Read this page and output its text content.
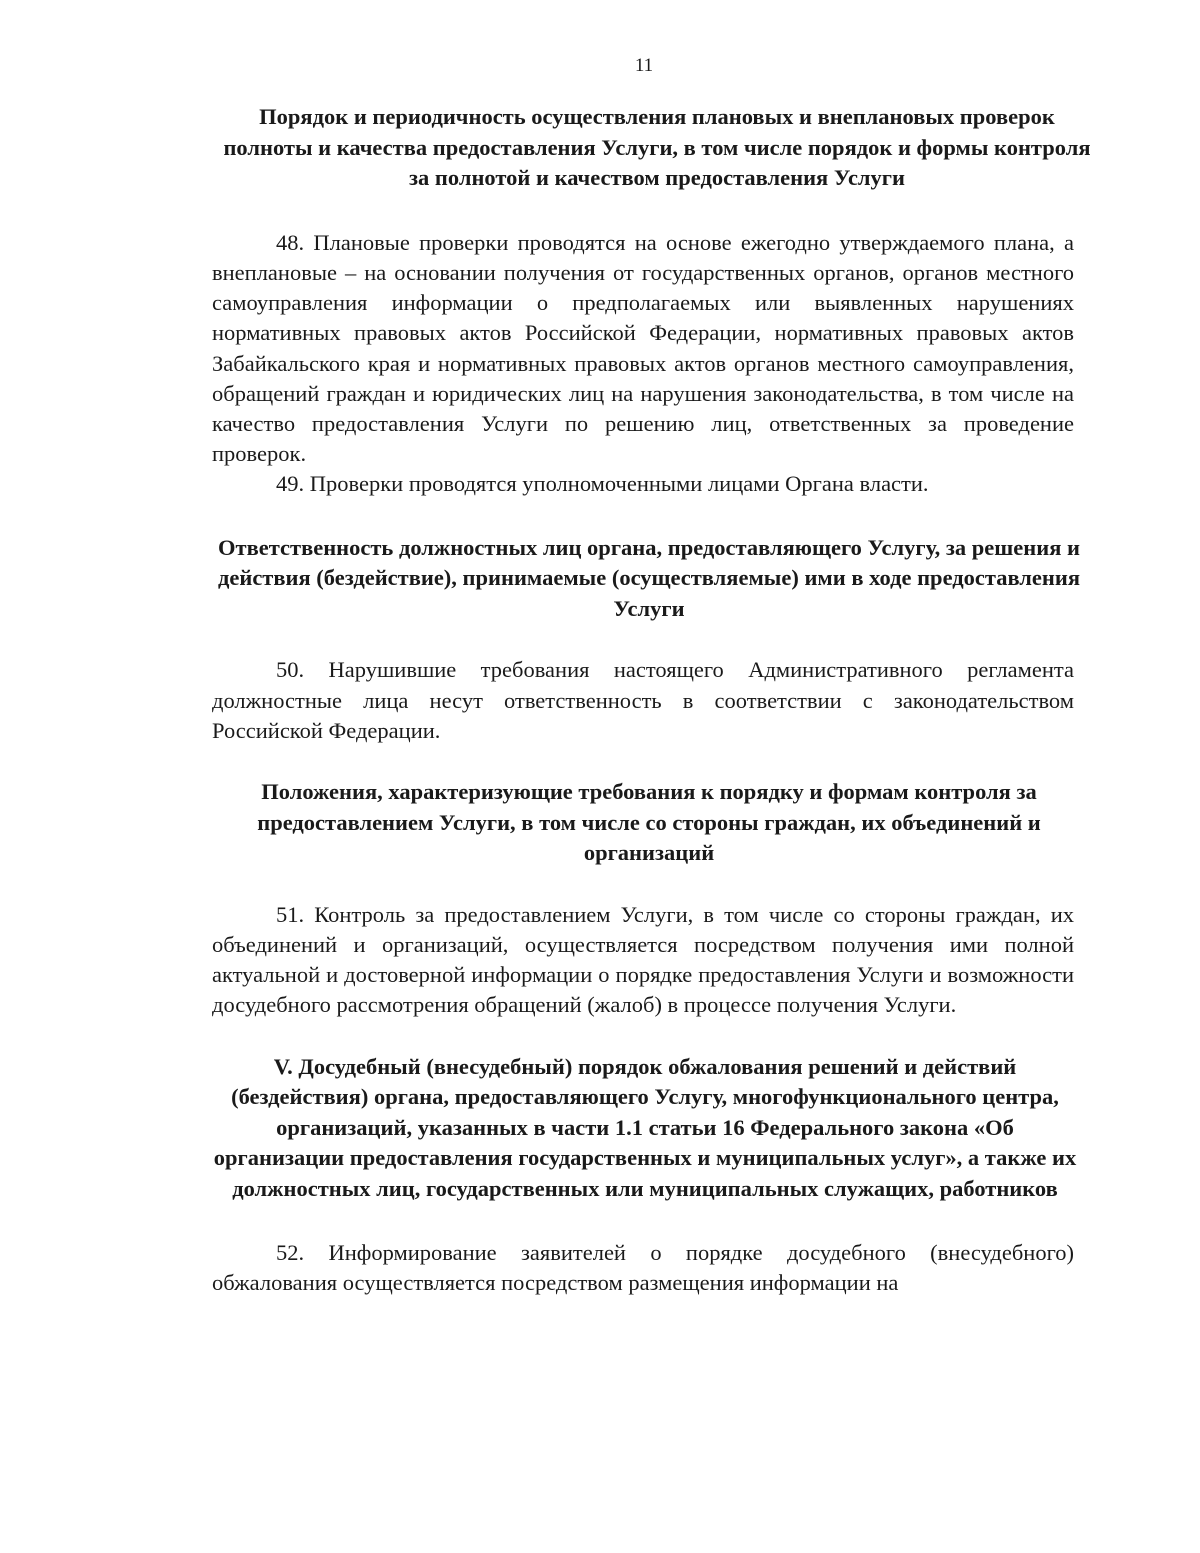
11

Порядок и периодичность осуществления плановых и внеплановых проверок полноты и качества предоставления Услуги, в том числе порядок и формы контроля за полнотой и качеством предоставления Услуги

48. Плановые проверки проводятся на основе ежегодно утверждаемого плана, а внеплановые – на основании получения от государственных органов, органов местного самоуправления информации о предполагаемых или выявленных нарушениях нормативных правовых актов Российской Федерации, нормативных правовых актов Забайкальского края и нормативных правовых актов органов местного самоуправления, обращений граждан и юридических лиц на нарушения законодательства, в том числе на качество предоставления Услуги по решению лиц, ответственных за проведение проверок.

49. Проверки проводятся уполномоченными лицами Органа власти.

Ответственность должностных лиц органа, предоставляющего Услугу, за решения и действия (бездействие), принимаемые (осуществляемые) ими в ходе предоставления Услуги

50. Нарушившие требования настоящего Административного регламента должностные лица несут ответственность в соответствии с законодательством Российской Федерации.

Положения, характеризующие требования к порядку и формам контроля за предоставлением Услуги, в том числе со стороны граждан, их объединений и организаций

51. Контроль за предоставлением Услуги, в том числе со стороны граждан, их объединений и организаций, осуществляется посредством получения ими полной актуальной и достоверной информации о порядке предоставления Услуги и возможности досудебного рассмотрения обращений (жалоб) в процессе получения Услуги.

V. Досудебный (внесудебный) порядок обжалования решений и действий (бездействия) органа, предоставляющего Услугу, многофункционального центра, организаций, указанных в части 1.1 статьи 16 Федерального закона «Об организации предоставления государственных и муниципальных услуг», а также их должностных лиц, государственных или муниципальных служащих, работников

52. Информирование заявителей о порядке досудебного (внесудебного) обжалования осуществляется посредством размещения информации на
